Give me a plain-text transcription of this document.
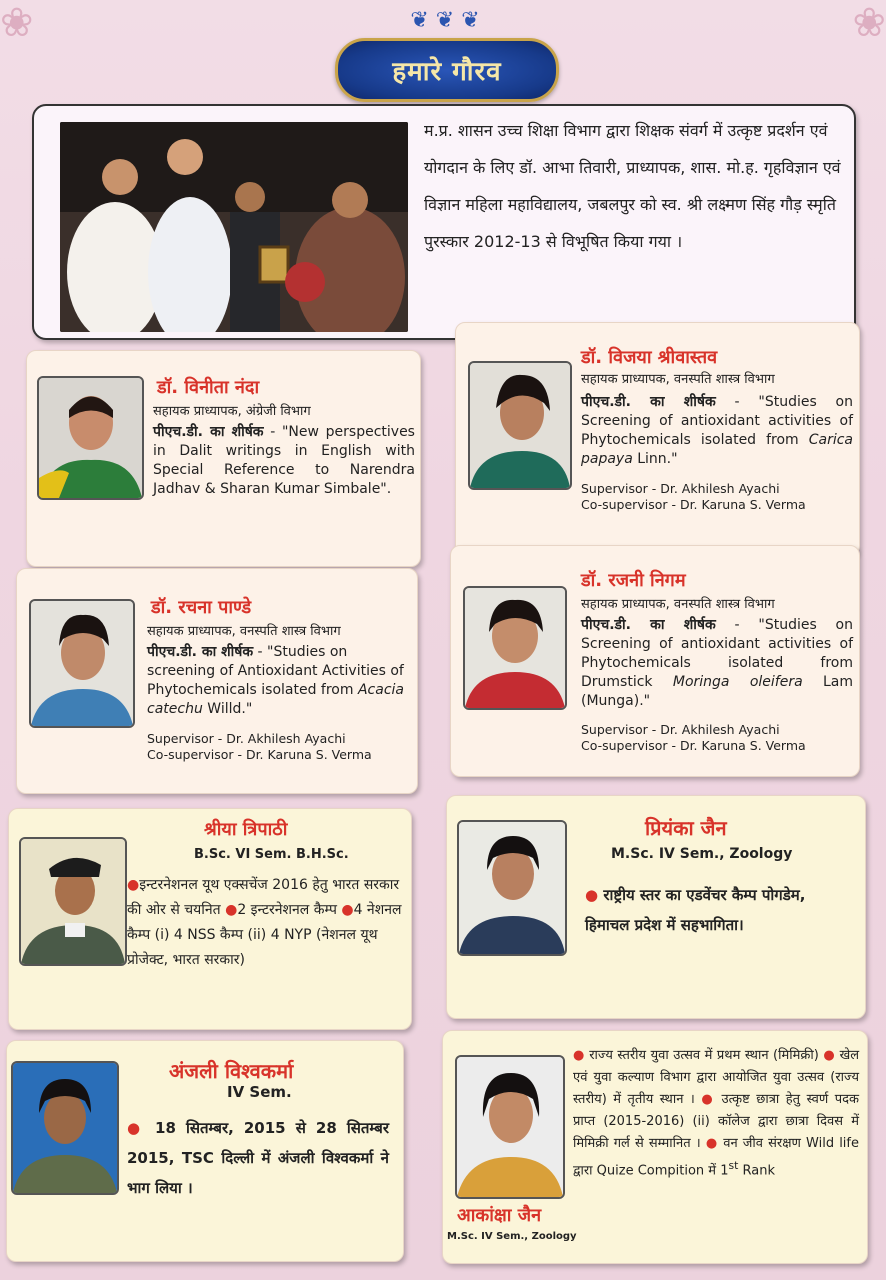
❀	❀
❦ ❦ ❦
हमारे गौरव
म.प्र. शासन उच्च शिक्षा विभाग द्वारा शिक्षक संवर्ग में उत्कृष्ट प्रदर्शन एवं योगदान के लिए डॉ. आभा तिवारी, प्राध्यापक, शास. मो.ह. गृहविज्ञान एवं विज्ञान महिला महाविद्यालय, जबलपुर को स्व. श्री लक्ष्मण सिंह गौड़ स्मृति पुरस्कार 2012-13 से विभूषित किया गया ।
डॉ. विनीता नंदा
सहायक प्राध्यापक, अंग्रेजी विभाग
पीएच.डी. का शीर्षक - "New perspectives in Dalit writings in English with Special Reference to Narendra Jadhav & Sharan Kumar Simbale".
डॉ. विजया श्रीवास्तव
सहायक प्राध्यापक, वनस्पति शास्त्र विभाग
पीएच.डी. का शीर्षक - "Studies on Screening of antioxidant activities of Phytochemicals isolated from Carica papaya Linn."
Supervisor - Dr. Akhilesh Ayachi
Co-supervisor - Dr. Karuna S. Verma
डॉ. रचना पाण्डे
सहायक प्राध्यापक, वनस्पति शास्त्र विभाग
पीएच.डी. का शीर्षक - "Studies on screening of Antioxidant Activities of Phytochemicals isolated from Acacia catechu Willd."
Supervisor - Dr. Akhilesh Ayachi
Co-supervisor - Dr. Karuna S. Verma
डॉ. रजनी निगम
सहायक प्राध्यापक, वनस्पति शास्त्र विभाग
पीएच.डी. का शीर्षक - "Studies on Screening of antioxidant activities of Phytochemicals isolated from Drumstick Moringa oleifera Lam (Munga)."
Supervisor - Dr. Akhilesh Ayachi
Co-supervisor - Dr. Karuna S. Verma
श्रीया त्रिपाठी
B.Sc. VI Sem. B.H.Sc.
●इन्टरनेशनल यूथ एक्सचेंज 2016 हेतु भारत सरकार की ओर से चयनित ●2 इन्टरनेशनल कैम्प ●4 नेशनल कैम्प (i) 4 NSS कैम्प (ii) 4 NYP (नेशनल यूथ प्रोजेक्ट, भारत सरकार)
प्रियंका जैन
M.Sc. IV Sem., Zoology
● राष्ट्रीय स्तर का एडवेंचर कैम्प पोगडेम, हिमाचल प्रदेश में सहभागिता।
अंजली विश्वकर्मा
IV Sem.
● 18 सितम्बर, 2015 से 28 सितम्बर 2015, TSC दिल्ली में अंजली विश्वकर्मा ने भाग लिया ।
आकांक्षा जैन
M.Sc. IV Sem., Zoology
● राज्य स्तरीय युवा उत्सव में प्रथम स्थान (मिमिक्री) ● खेल एवं युवा कल्याण विभाग द्वारा आयोजित युवा उत्सव (राज्य स्तरीय) में तृतीय स्थान । ● उत्कृष्ट छात्रा हेतु स्वर्ण पदक प्राप्त (2015-2016) (ii) कॉलेज द्वारा छात्रा दिवस में मिमिक्री गर्ल से सम्मानित । ● वन जीव संरक्षण Wild life द्वारा Quize Compition में 1st Rank
